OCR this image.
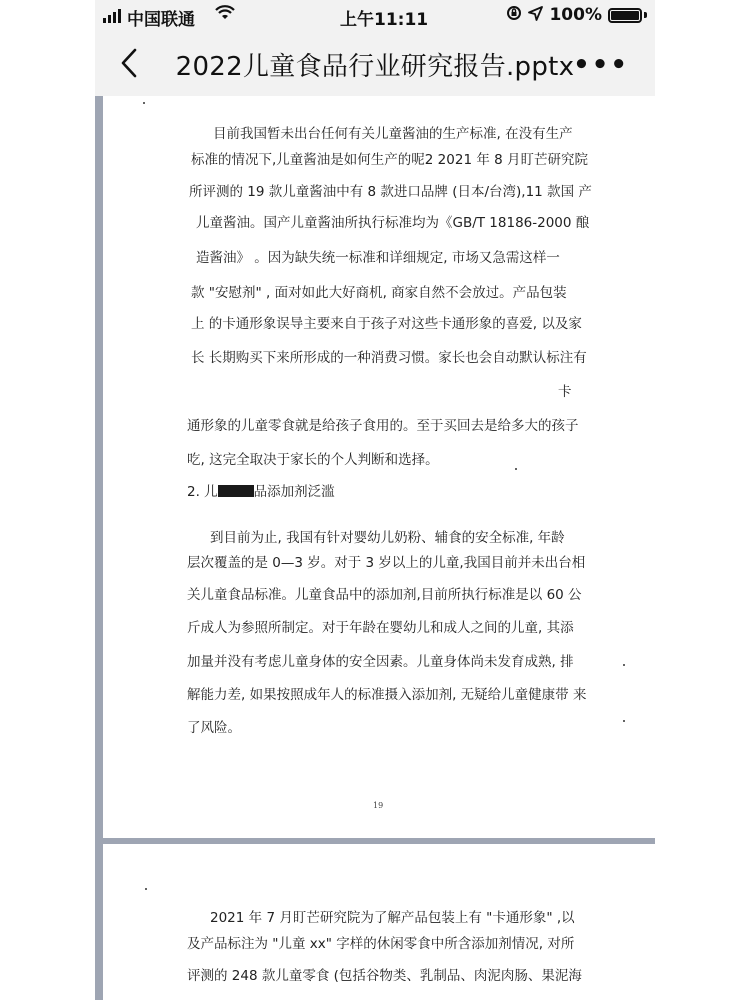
中国联通	上午11:11	100%
2022儿童食品行业研究报告.pptx
•••
目前我国暂未出台任何有关儿童酱油的生产标准, 在没有生产
标准的情况下,儿童酱油是如何生产的呢2 2021 年 8 月盯芒研究院
所评测的 19 款儿童酱油中有 8 款进口品牌 (日本/台湾),11 款国 产
儿童酱油。国产儿童酱油所执行标准均为《GB/T 18186-2000 酿
造酱油》 。因为缺失统一标准和详细规定, 市场又急需这样一
款 "安慰剂" , 面对如此大好商机, 商家自然不会放过。产品包装
上 的卡通形象误导主要来自于孩子对这些卡通形象的喜爱, 以及家
长 长期购买下来所形成的一种消费习惯。家长也会自动默认标注有
卡
通形象的儿童零食就是给孩子食用的。至于买回去是给多大的孩子
吃, 这完全取决于家长的个人判断和选择。
2. 儿	品添加剂泛滥
到目前为止, 我国有针对婴幼儿奶粉、辅食的安全标准, 年龄
层次覆盖的是 0—3 岁。对于 3 岁以上的儿童,我国目前并未出台相
关儿童食品标准。儿童食品中的添加剂,目前所执行标准是以 60 公
斤成人为参照所制定。对于年龄在婴幼儿和成人之间的儿童, 其添
加量并没有考虑儿童身体的安全因素。儿童身体尚未发育成熟, 排
解能力差, 如果按照成年人的标准摄入添加剂, 无疑给儿童健康带 来
了风险。
19
2021 年 7 月盯芒研究院为了解产品包装上有 "卡通形象" ,以
及产品标注为 "儿童 xx" 字样的休闲零食中所含添加剂情况, 对所
评测的 248 款儿童零食 (包括谷物类、乳制品、肉泥肉肠、果泥海
